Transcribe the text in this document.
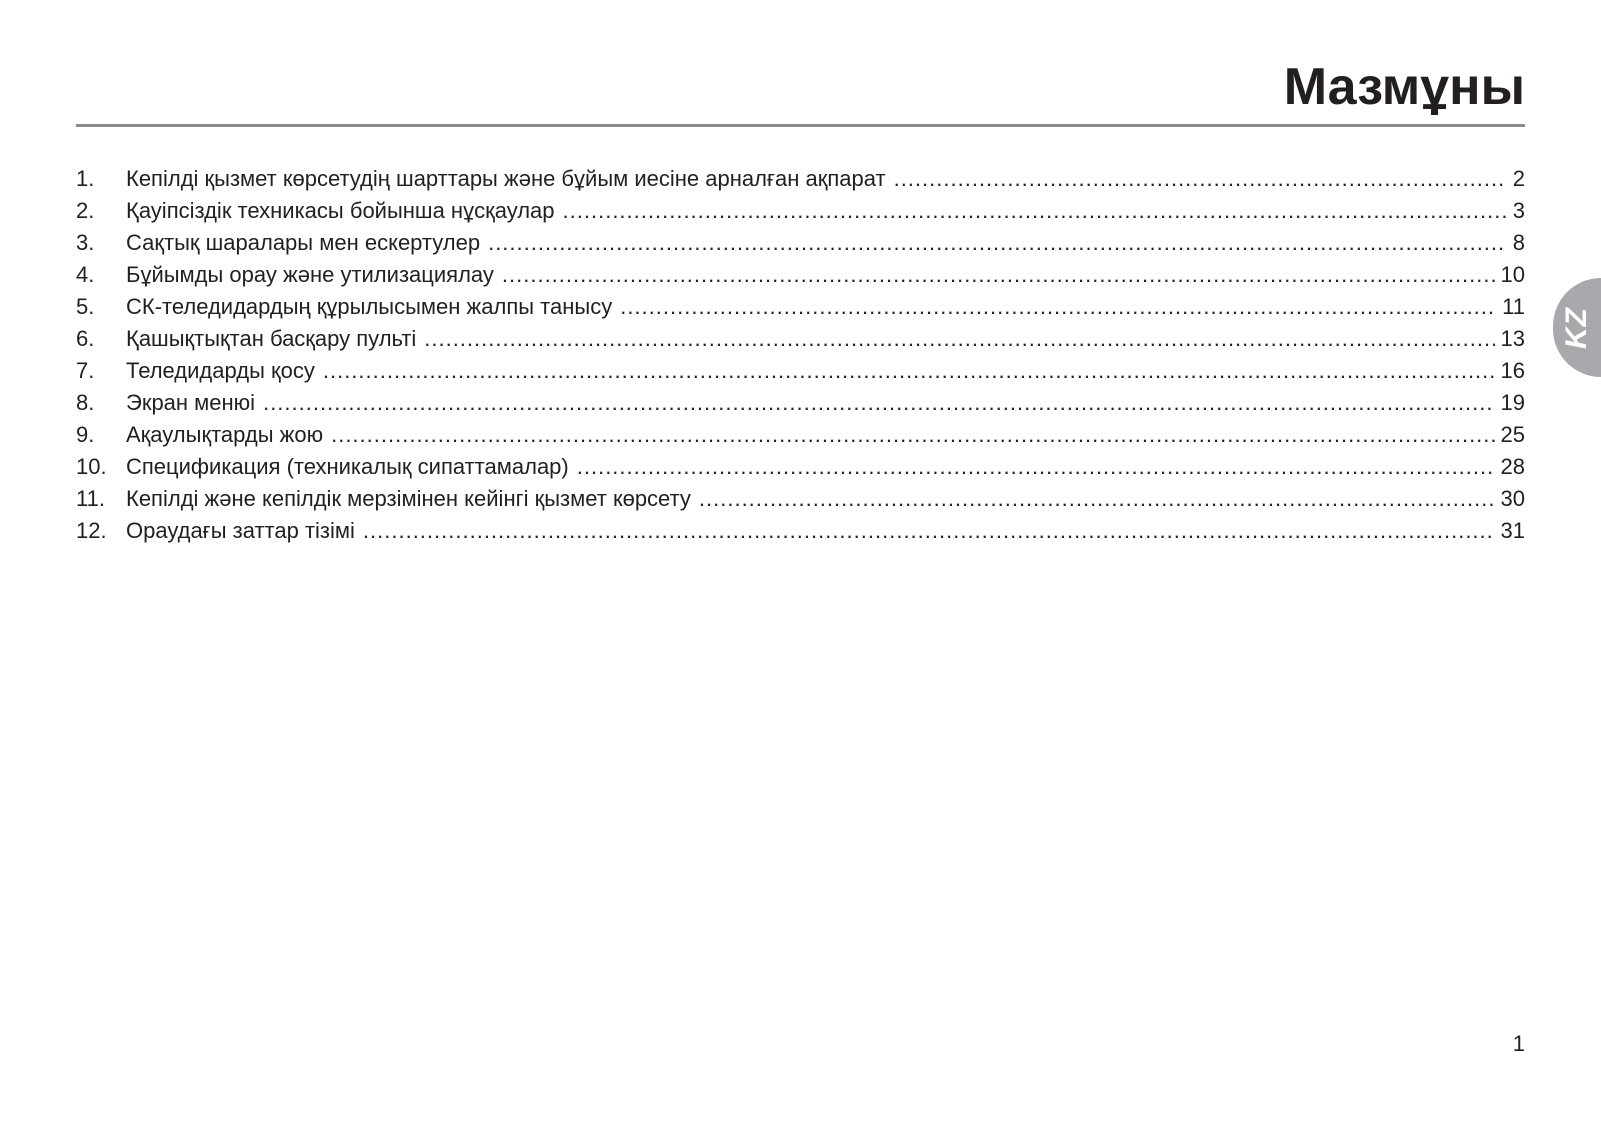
Мазмұны
1.	Кепілді қызмет көрсетудің шарттары және бұйым иесіне арналған ақпарат .....	2
2.	Қауіпсіздік техникасы бойынша нұсқаулар .....	3
3.	Сақтық шаралары мен ескертулер .....	8
4.	Бұйымды орау және утилизациялау .....	10
5.	СК-теледидардың құрылысымен жалпы танысу .....	11
6.	Қашықтықтан басқару пульті .....	13
7.	Теледидарды қосу .....	16
8.	Экран менюі .....	19
9.	Ақаулықтарды жою .....	25
10. Спецификация (техникалық сипаттамалар) .....	28
11. Кепілді және кепілдік мерзімінен кейінгі қызмет көрсету .....	30
12. Ораудағы заттар тізімі .....	31
KZ
1
